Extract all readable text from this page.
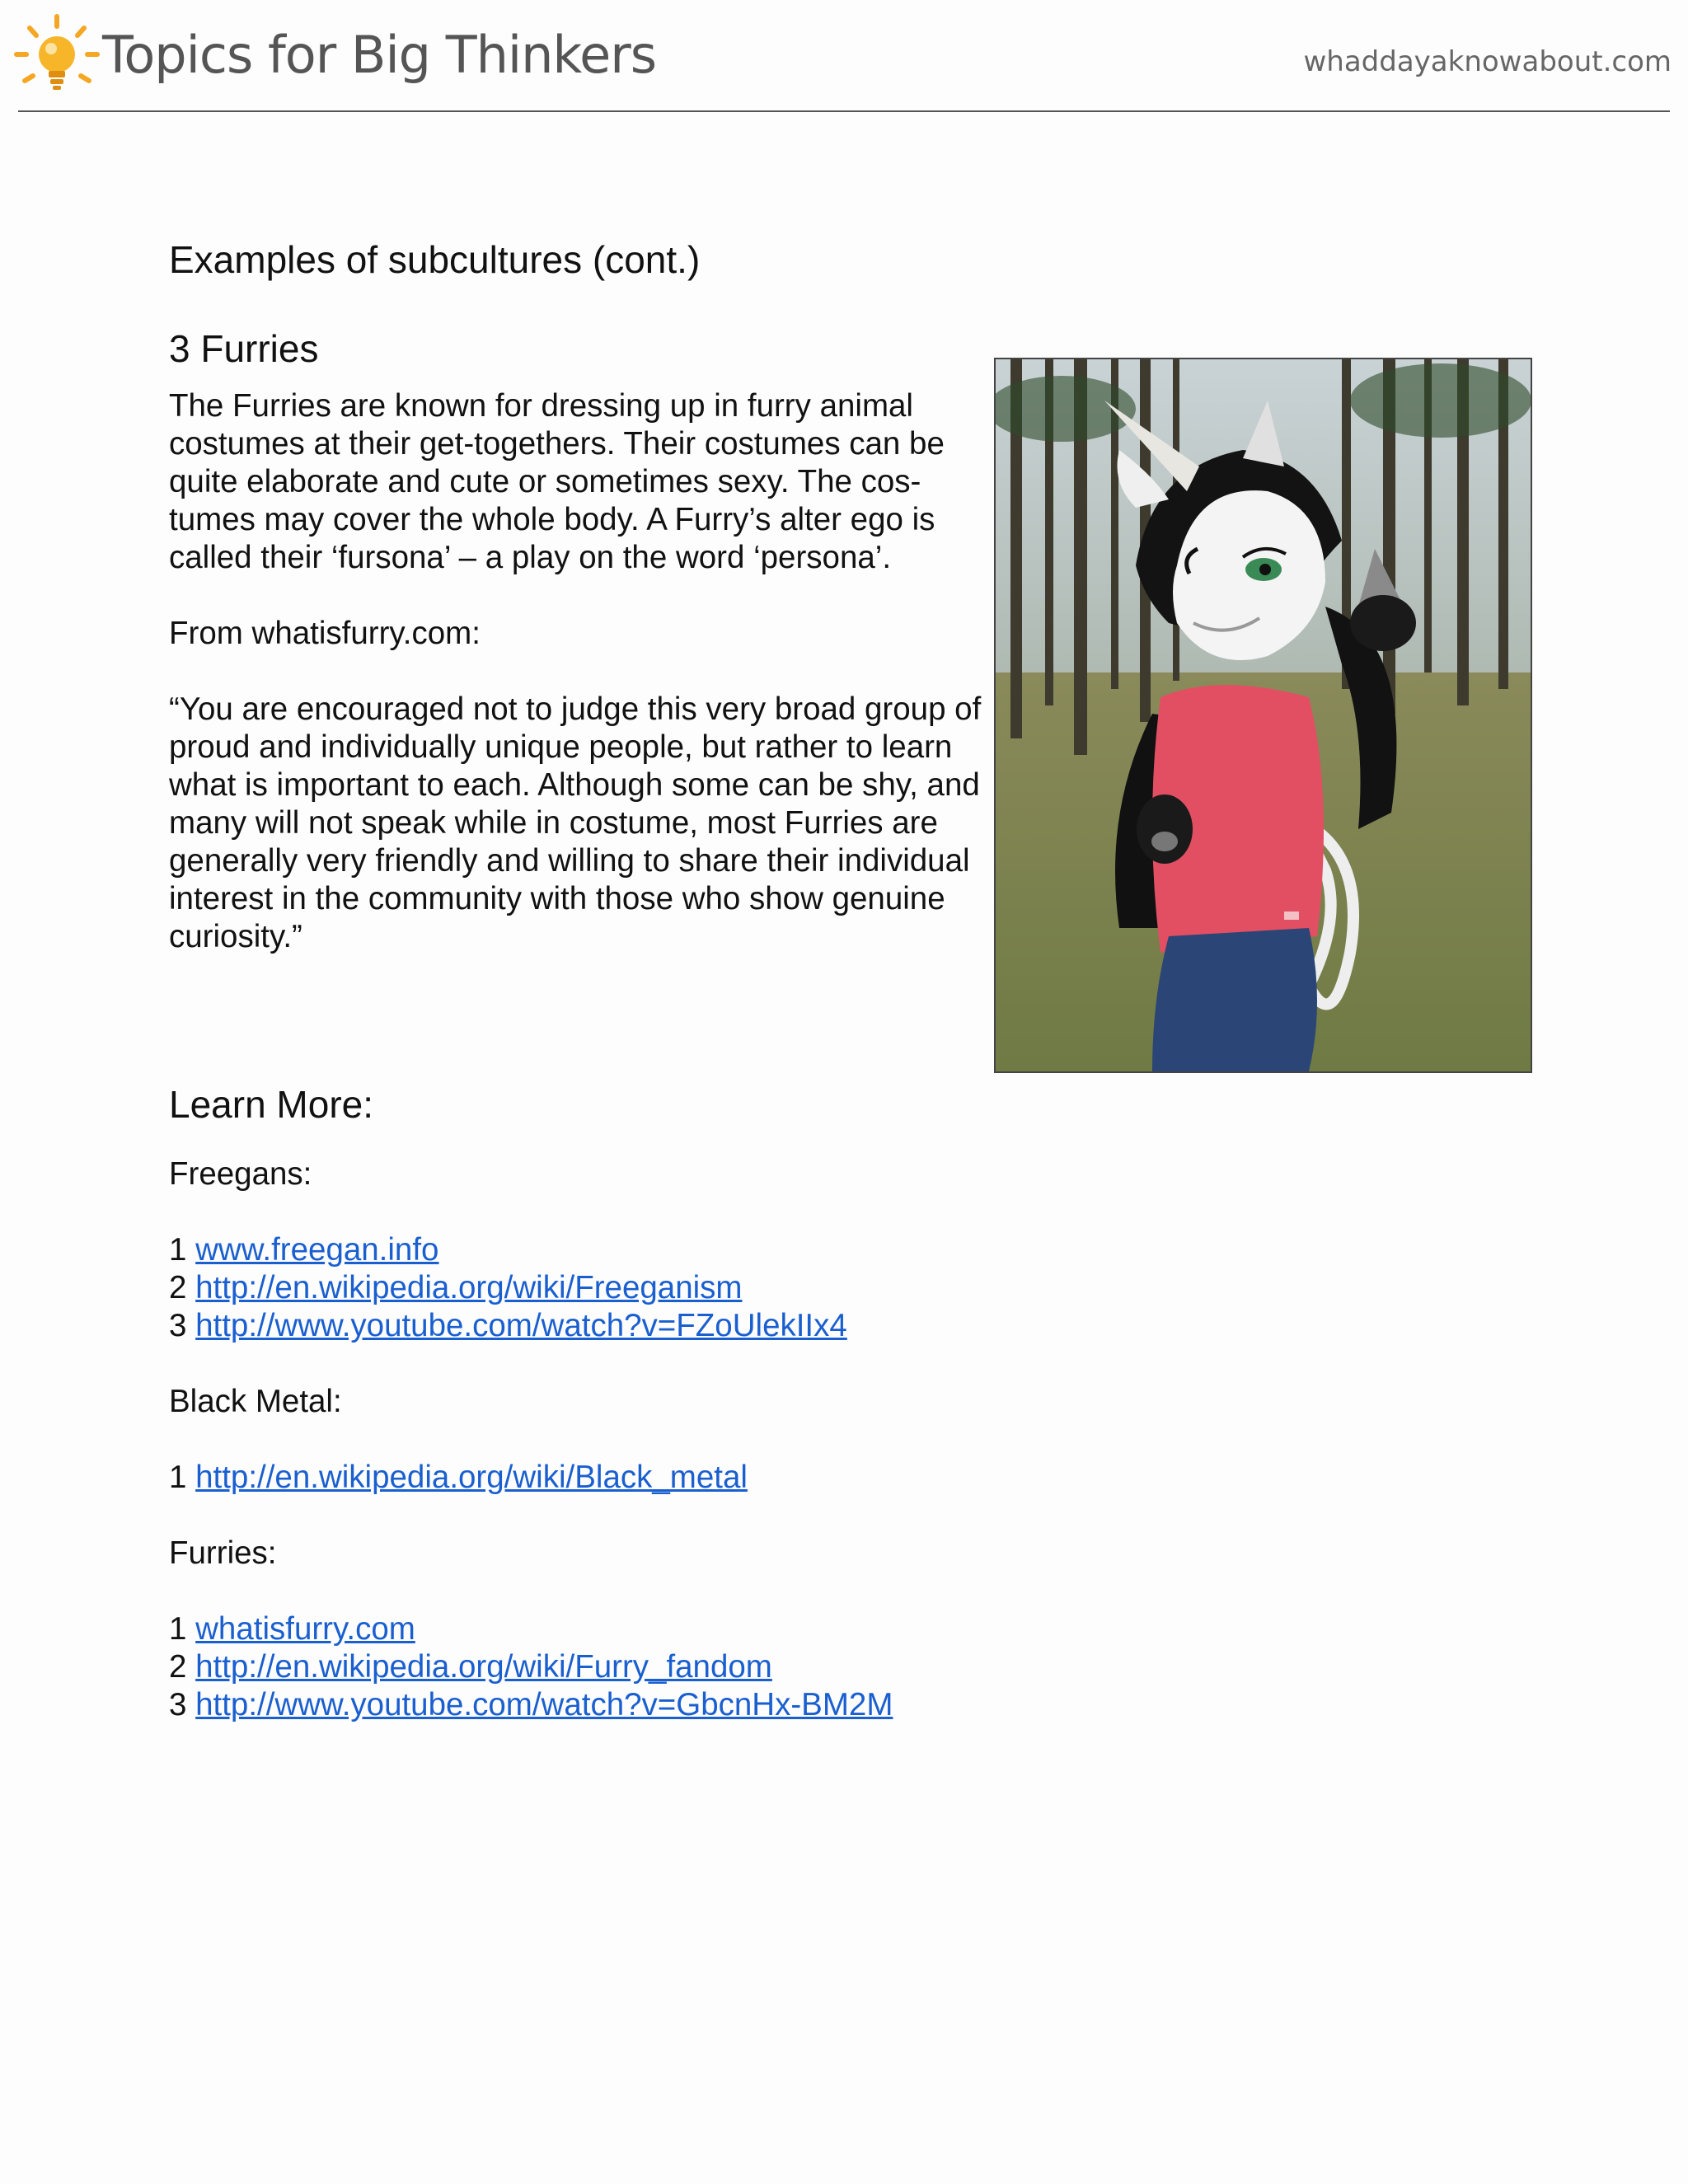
Topics for Big Thinkers	whaddayaknowabout.com
Examples of subcultures (cont.)
3 Furries

The Furries are known for dressing up in furry animal costumes at their get-togethers. Their costumes can be quite elaborate and cute or sometimes sexy. The cos-tumes may cover the whole body. A Furry’s alter ego is called their ‘fursona’ – a play on the word ‘persona’.

From whatisfurry.com:

“You are encouraged not to judge this very broad group of proud and individually unique people, but rather to learn what is important to each. Although some can be shy, and many will not speak while in costume, most Furries are generally very friendly and willing to share their individual interest in the community with those who show genuine curiosity.”

Learn More:

Freegans:

1 www.freegan.info

2 http://en.wikipedia.org/wiki/Freeganism

3 http://www.youtube.com/watch?v=FZoUlekIIx4

Black Metal:

1 http://en.wikipedia.org/wiki/Black_metal

Furries:

1 whatisfurry.com

2 http://en.wikipedia.org/wiki/Furry_fandom

3 http://www.youtube.com/watch?v=GbcnHx-BM2M
